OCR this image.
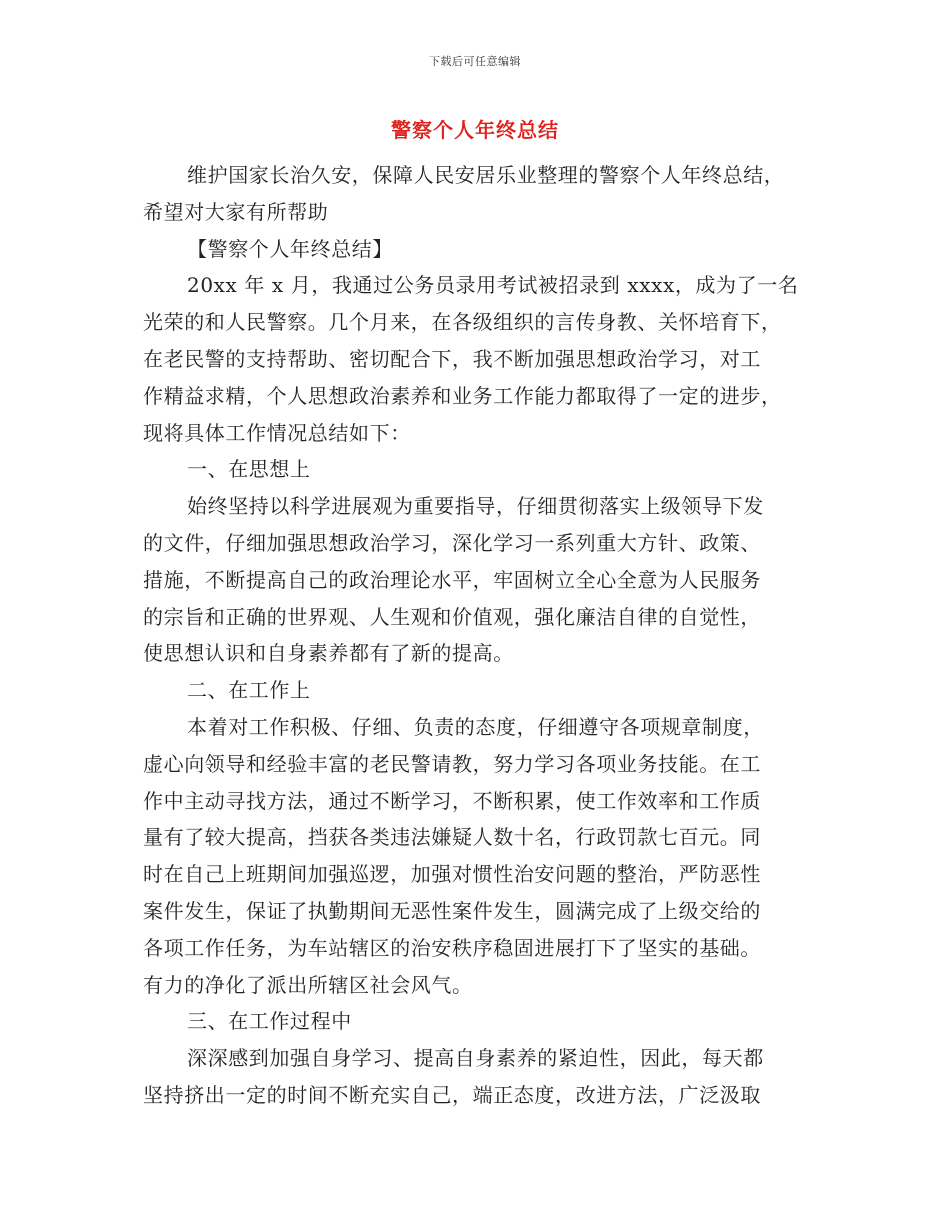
下载后可任意编辑
警察个人年终总结
维护国家长治久安，保障人民安居乐业整理的警察个人年终总结，
希望对大家有所帮助
【警察个人年终总结】
20xx 年 x 月，我通过公务员录用考试被招录到 xxxx，成为了一名
光荣的和人民警察。几个月来，在各级组织的言传身教、关怀培育下，
在老民警的支持帮助、密切配合下，我不断加强思想政治学习，对工
作精益求精，个人思想政治素养和业务工作能力都取得了一定的进步，
现将具体工作情况总结如下：
一、在思想上
始终坚持以科学进展观为重要指导，仔细贯彻落实上级领导下发
的文件，仔细加强思想政治学习，深化学习一系列重大方针、政策、
措施，不断提高自己的政治理论水平，牢固树立全心全意为人民服务
的宗旨和正确的世界观、人生观和价值观，强化廉洁自律的自觉性，
使思想认识和自身素养都有了新的提高。
二、在工作上
本着对工作积极、仔细、负责的态度，仔细遵守各项规章制度，
虚心向领导和经验丰富的老民警请教，努力学习各项业务技能。在工
作中主动寻找方法，通过不断学习，不断积累，使工作效率和工作质
量有了较大提高，挡获各类违法嫌疑人数十名，行政罚款七百元。同
时在自己上班期间加强巡逻，加强对惯性治安问题的整治，严防恶性
案件发生，保证了执勤期间无恶性案件发生，圆满完成了上级交给的
各项工作任务，为车站辖区的治安秩序稳固进展打下了坚实的基础。
有力的净化了派出所辖区社会风气。
三、在工作过程中
深深感到加强自身学习、提高自身素养的紧迫性，因此，每天都
坚持挤出一定的时间不断充实自己，端正态度，改进方法，广泛汲取
